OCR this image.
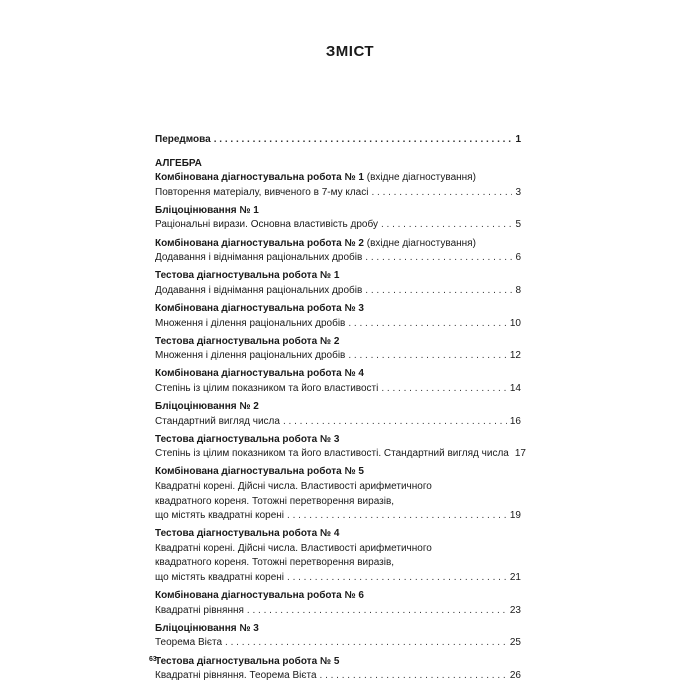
ЗМІСТ
Передмова . . .	1
АЛГЕБРА
Комбінована діагностувальна робота № 1 (вхідне діагностування)
Повторення матеріалу, вивченого в 7-му класі . . .	3
Бліцоцінювання № 1
Раціональні вирази. Основна властивість дробу . . .	5
Комбінована діагностувальна робота № 2 (вхідне діагностування)
Додавання і віднімання раціональних дробів . . .	6
Тестова діагностувальна робота № 1
Додавання і віднімання раціональних дробів . . .	8
Комбінована діагностувальна робота № 3
Множення і ділення раціональних дробів . . .	10
Тестова діагностувальна робота № 2
Множення і ділення раціональних дробів . . .	12
Комбінована діагностувальна робота № 4
Степінь із цілим показником та його властивості . . .	14
Бліцоцінювання № 2
Стандартний вигляд числа . . .	16
Тестова діагностувальна робота № 3
Степінь із цілим показником та його властивості. Стандартний вигляд числа 17
Комбінована діагностувальна робота № 5
Квадратні корені. Дійсні числа. Властивості арифметичного
квадратного кореня. Тотожні перетворення виразів,
що містять квадратні корені . . .	19
Тестова діагностувальна робота № 4
Квадратні корені. Дійсні числа. Властивості арифметичного
квадратного кореня. Тотожні перетворення виразів,
що містять квадратні корені . . .	21
Комбінована діагностувальна робота № 6
Квадратні рівняння . . .	23
Бліцоцінювання № 3
Теорема Вієта . . .	25
Тестова діагностувальна робота № 5
Квадратні рівняння. Теорема Вієта . . .	26
63
